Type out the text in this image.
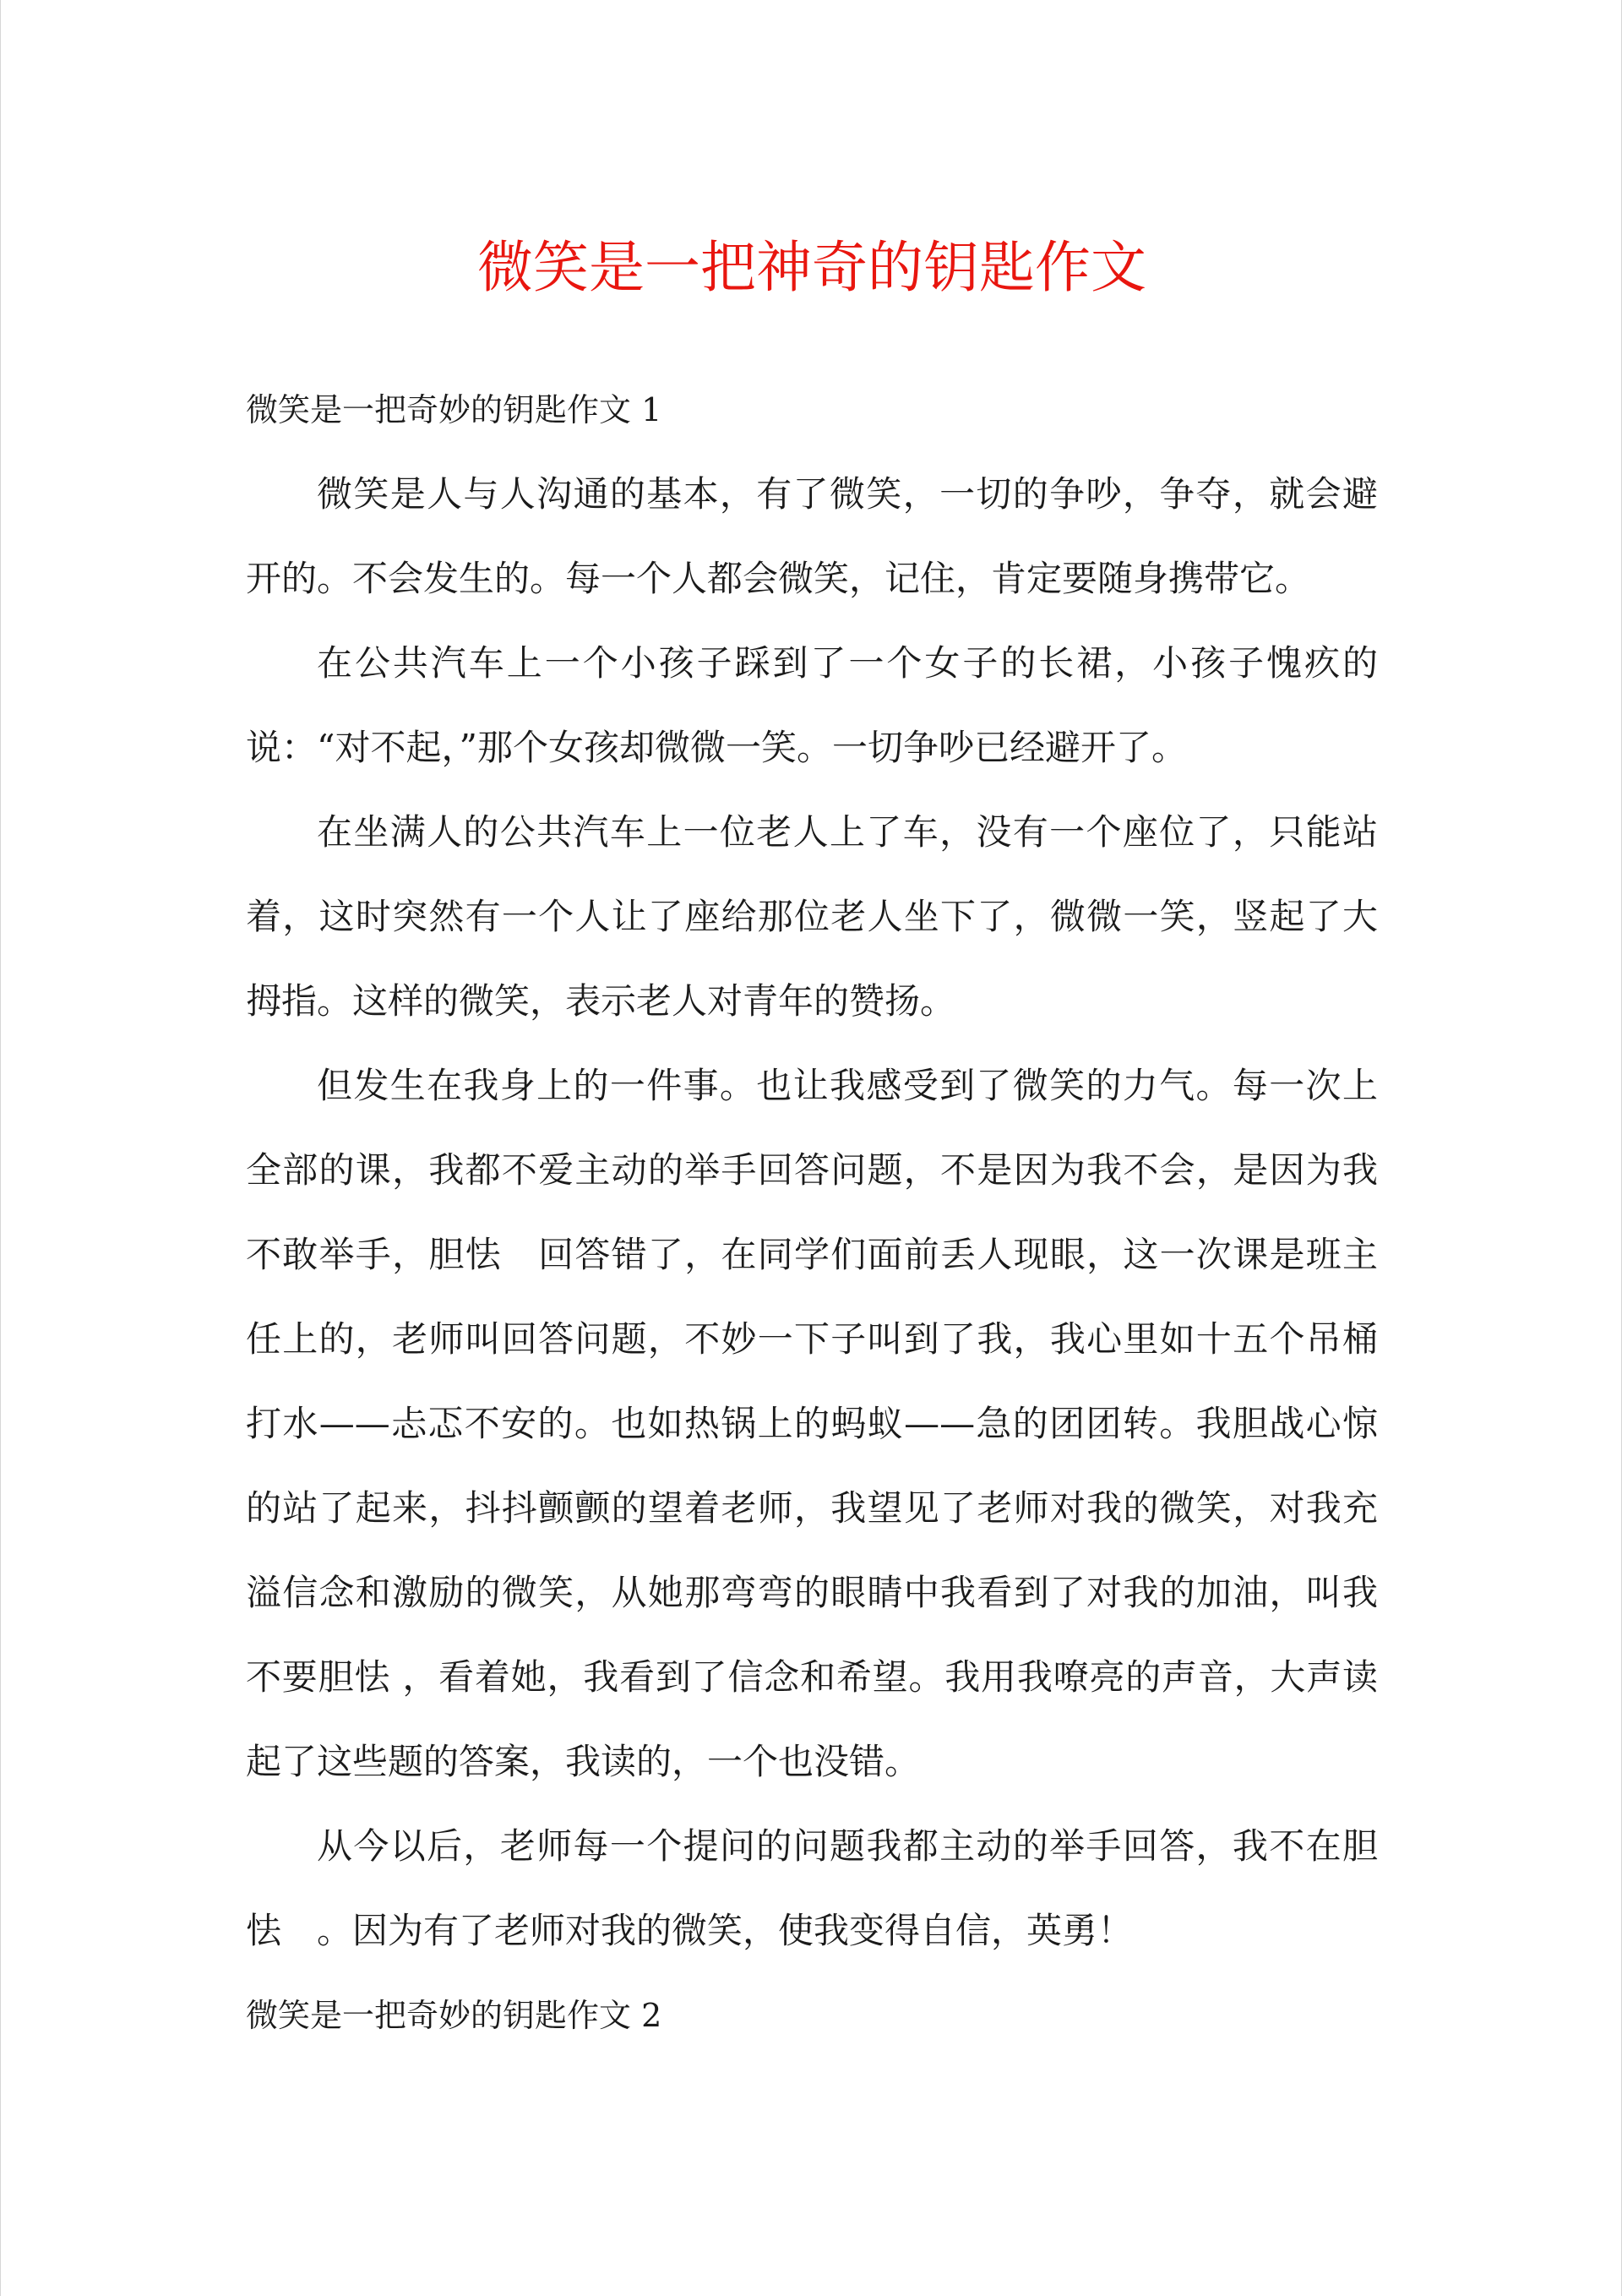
微笑是一把神奇的钥匙作文
微笑是一把奇妙的钥匙作文 1

微笑是人与人沟通的基本，有了微笑，一切的争吵，争夺，就会避开的。不会发生的。每一个人都会微笑，记住，肯定要随身携带它。

在公共汽车上一个小孩子踩到了一个女子的长裙，小孩子愧疚的说：“对不起，”那个女孩却微微一笑。一切争吵已经避开了。

在坐满人的公共汽车上一位老人上了车，没有一个座位了，只能站着，这时突然有一个人让了座给那位老人坐下了，微微一笑，竖起了大拇指。这样的微笑，表示老人对青年的赞扬。

但发生在我身上的一件事。也让我感受到了微笑的力气。每一次上全部的课，我都不爱主动的举手回答问题，不是因为我不会，是因为我不敢举手，胆怯　回答错了，在同学们面前丢人现眼，这一次课是班主任上的，老师叫回答问题，不妙一下子叫到了我，我心里如十五个吊桶打水——忐忑不安的。也如热锅上的蚂蚁——急的团团转。我胆战心惊的站了起来，抖抖颤颤的望着老师，我望见了老师对我的微笑，对我充溢信念和激励的微笑，从她那弯弯的眼睛中我看到了对我的加油，叫我不要胆怯 ，看着她，我看到了信念和希望。我用我嘹亮的声音，大声读起了这些题的答案，我读的，一个也没错。

从今以后，老师每一个提问的问题我都主动的举手回答，我不在胆怯　。因为有了老师对我的微笑，使我变得自信，英勇！

微笑是一把奇妙的钥匙作文 2
